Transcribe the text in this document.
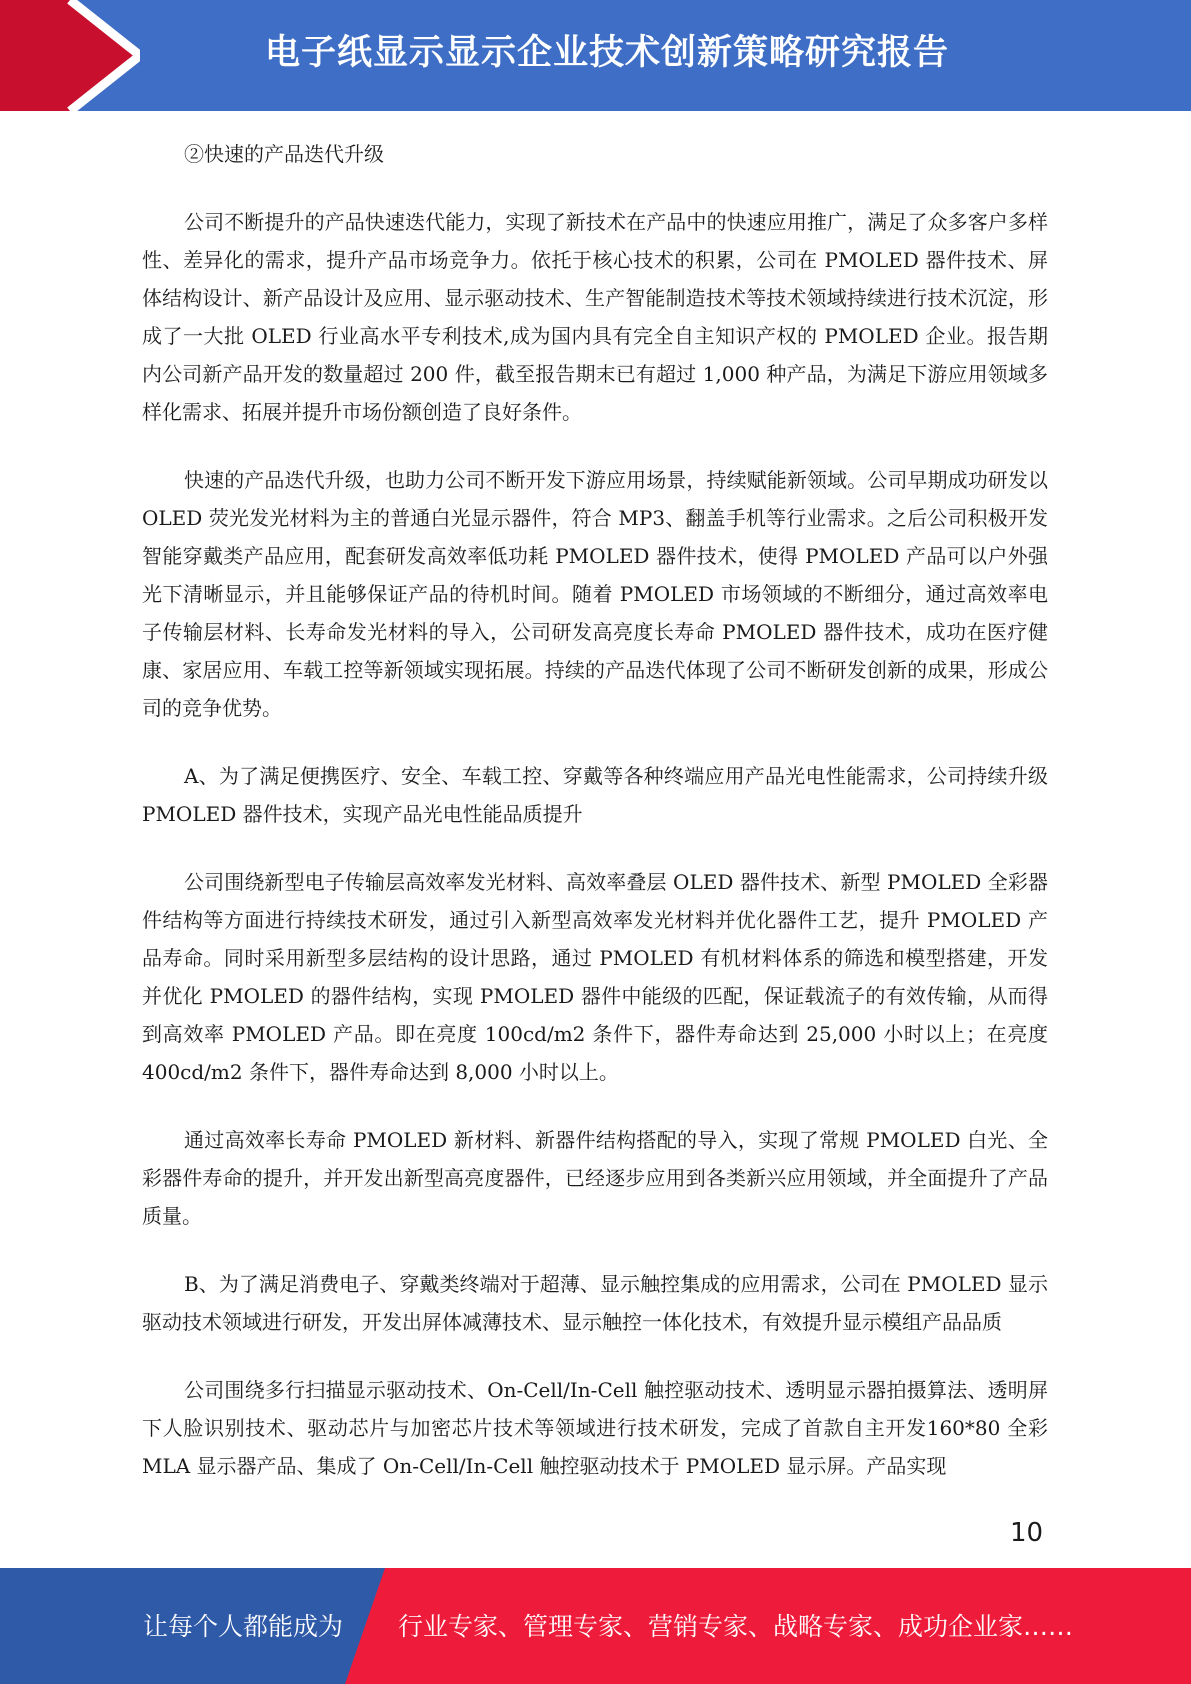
电子纸显示显示企业技术创新策略研究报告
②快速的产品迭代升级

公司不断提升的产品快速迭代能力，实现了新技术在产品中的快速应用推广，满足了众多客户多样性、差异化的需求，提升产品市场竞争力。依托于核心技术的积累，公司在 PMOLED 器件技术、屏体结构设计、新产品设计及应用、显示驱动技术、生产智能制造技术等技术领域持续进行技术沉淀，形成了一大批 OLED 行业高水平专利技术,成为国内具有完全自主知识产权的 PMOLED 企业。报告期内公司新产品开发的数量超过 200 件，截至报告期末已有超过 1,000 种产品，为满足下游应用领域多样化需求、拓展并提升市场份额创造了良好条件。

快速的产品迭代升级，也助力公司不断开发下游应用场景，持续赋能新领域。公司早期成功研发以 OLED 荧光发光材料为主的普通白光显示器件，符合 MP3、翻盖手机等行业需求。之后公司积极开发智能穿戴类产品应用，配套研发高效率低功耗 PMOLED 器件技术，使得 PMOLED 产品可以户外强光下清晰显示，并且能够保证产品的待机时间。随着 PMOLED 市场领域的不断细分，通过高效率电子传输层材料、长寿命发光材料的导入，公司研发高亮度长寿命 PMOLED 器件技术，成功在医疗健康、家居应用、车载工控等新领域实现拓展。持续的产品迭代体现了公司不断研发创新的成果，形成公司的竞争优势。

A、为了满足便携医疗、安全、车载工控、穿戴等各种终端应用产品光电性能需求，公司持续升级 PMOLED 器件技术，实现产品光电性能品质提升

公司围绕新型电子传输层高效率发光材料、高效率叠层 OLED 器件技术、新型 PMOLED 全彩器件结构等方面进行持续技术研发，通过引入新型高效率发光材料并优化器件工艺，提升 PMOLED 产品寿命。同时采用新型多层结构的设计思路，通过 PMOLED 有机材料体系的筛选和模型搭建，开发并优化 PMOLED 的器件结构，实现 PMOLED 器件中能级的匹配，保证载流子的有效传输，从而得到高效率 PMOLED 产品。即在亮度 100cd/m2 条件下，器件寿命达到 25,000 小时以上；在亮度 400cd/m2 条件下，器件寿命达到 8,000 小时以上。

通过高效率长寿命 PMOLED 新材料、新器件结构搭配的导入，实现了常规 PMOLED 白光、全彩器件寿命的提升，并开发出新型高亮度器件，已经逐步应用到各类新兴应用领域，并全面提升了产品质量。

B、为了满足消费电子、穿戴类终端对于超薄、显示触控集成的应用需求，公司在 PMOLED 显示驱动技术领域进行研发，开发出屏体减薄技术、显示触控一体化技术，有效提升显示模组产品品质

公司围绕多行扫描显示驱动技术、On-Cell/In-Cell 触控驱动技术、透明显示器拍摄算法、透明屏下人脸识别技术、驱动芯片与加密芯片技术等领域进行技术研发，完成了首款自主开发160*80 全彩 MLA 显示器产品、集成了 On-Cell/In-Cell 触控驱动技术于 PMOLED 显示屏。产品实现

10
让每个人都能成为 行业专家、管理专家、营销专家、战略专家、成功企业家……
